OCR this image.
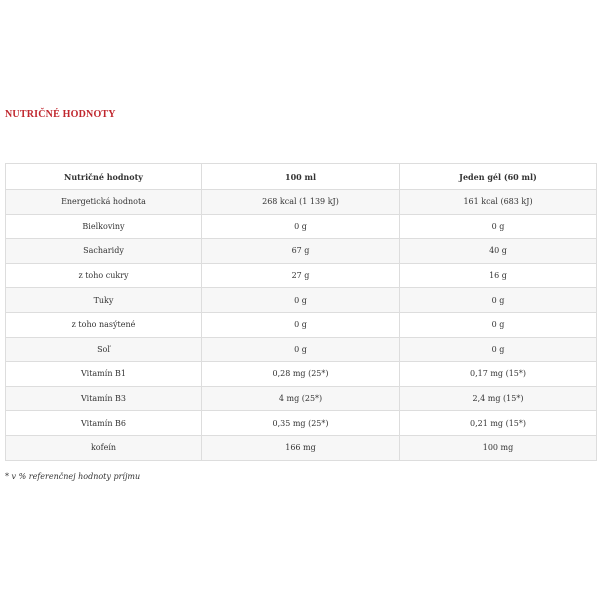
NUTRIČNÉ HODNOTY
Nutričné hodnoty	100 ml	Jeden gél (60 ml)
Energetická hodnota	268 kcal (1 139 kJ)	161 kcal (683 kJ)
Bielkoviny	0 g	0 g
Sacharidy	67 g	40 g
z toho cukry	27 g	16 g
Tuky	0 g	0 g
z toho nasýtené	0 g	0 g
Soľ	0 g	0 g
Vitamín B1	0,28 mg (25*)	0,17 mg (15*)
Vitamín B3	4 mg (25*)	2,4 mg (15*)
Vitamín B6	0,35 mg (25*)	0,21 mg (15*)
kofeín	166 mg	100 mg
* v % referenčnej hodnoty príjmu
